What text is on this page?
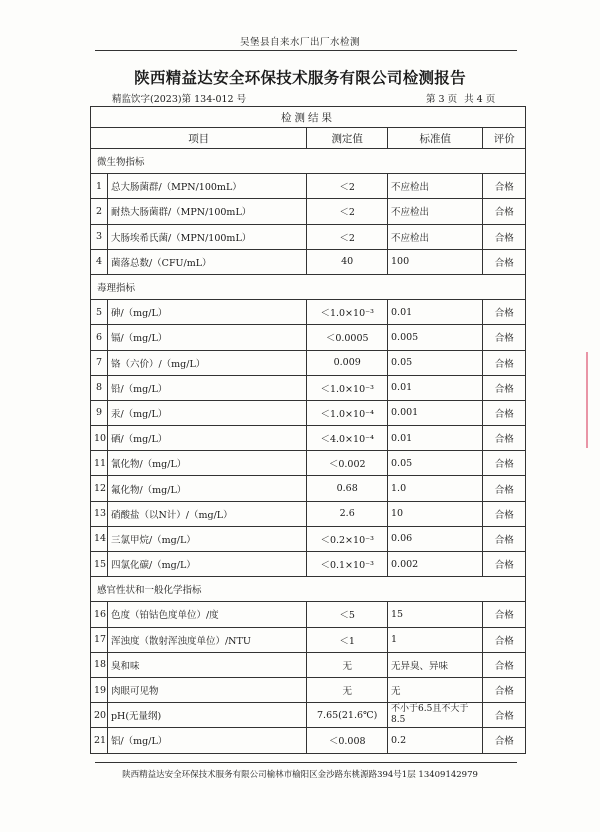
吴堡县自来水厂出厂水检测
陕西精益达安全环保技术服务有限公司检测报告
精监饮字(2023)第 134-012 号	第 3 页 共 4 页
检测结果				
项目		测定值	标准值	评价
微生物指标				
1	总大肠菌群/（MPN/100mL）	＜2	不应检出	合格
2	耐热大肠菌群/（MPN/100mL）	＜2	不应检出	合格
3	大肠埃希氏菌/（MPN/100mL）	＜2	不应检出	合格
4	菌落总数/（CFU/mL）	40	100	合格
毒理指标				
5	砷/（mg/L）	＜1.0×10⁻³	0.01	合格
6	镉/（mg/L）	＜0.0005	0.005	合格
7	铬（六价）/（mg/L）	0.009	0.05	合格
8	铅/（mg/L）	＜1.0×10⁻³	0.01	合格
9	汞/（mg/L）	＜1.0×10⁻⁴	0.001	合格
10	硒/（mg/L）	＜4.0×10⁻⁴	0.01	合格
11	氰化物/（mg/L）	＜0.002	0.05	合格
12	氟化物/（mg/L）	0.68	1.0	合格
13	硝酸盐（以N计）/（mg/L）	2.6	10	合格
14	三氯甲烷/（mg/L）	＜0.2×10⁻³	0.06	合格
15	四氯化碳/（mg/L）	＜0.1×10⁻³	0.002	合格
感官性状和一般化学指标				
16	色度（铂钴色度单位）/度	＜5	15	合格
17	浑浊度（散射浑浊度单位）/NTU	＜1	1	合格
18	臭和味	无	无异臭、异味	合格
19	肉眼可见物	无	无	合格
20	pH(无量纲)	7.65(21.6℃)	不小于6.5且不大于8.5	合格
21	铝/（mg/L）	＜0.008	0.2	合格
陕西精益达安全环保技术服务有限公司榆林市榆阳区金沙路东桃源路394号1层 13409142979
